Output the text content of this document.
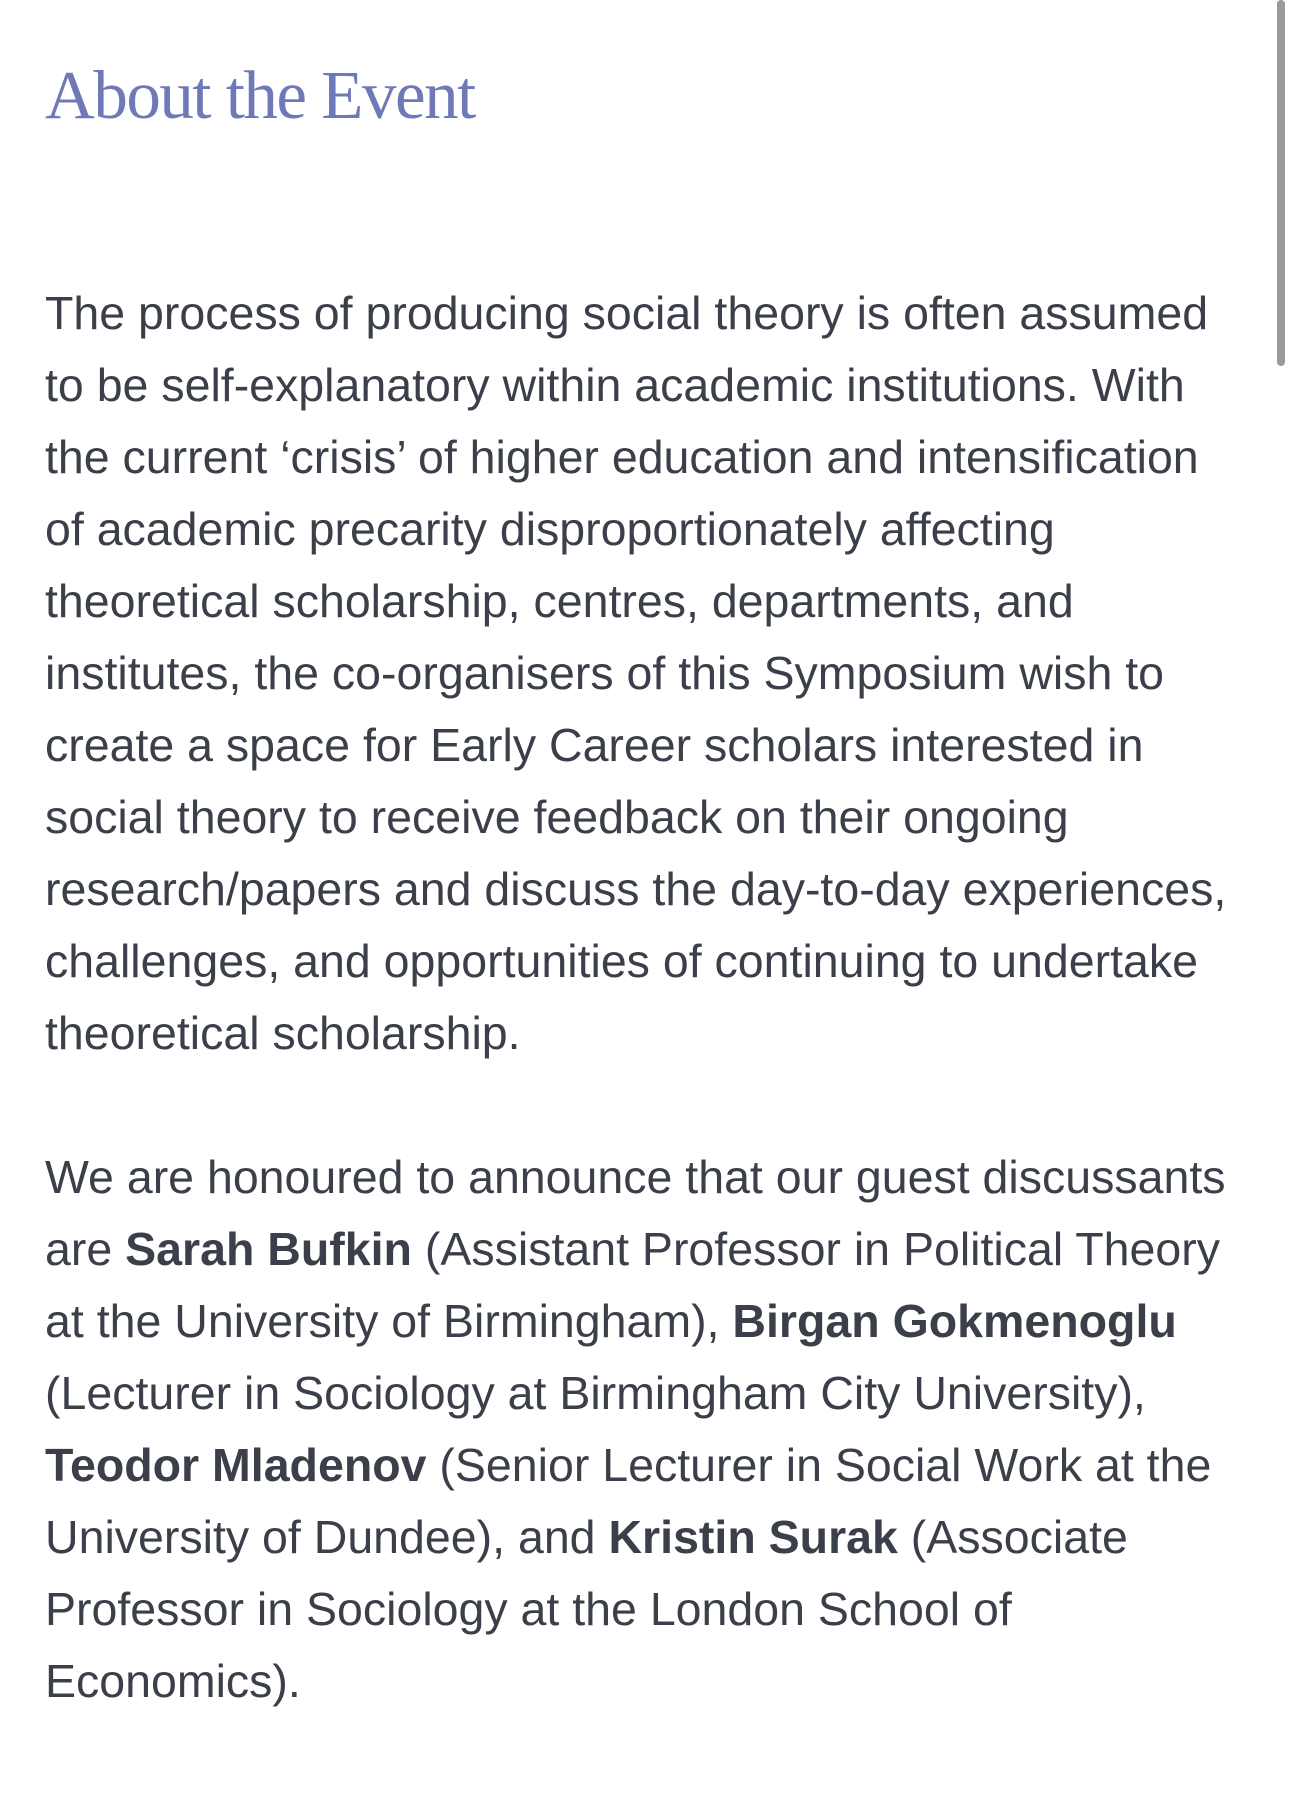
About the Event

The process of producing social theory is often assumed to be self-explanatory within academic institutions. With the current ‘crisis’ of higher education and intensification of academic precarity disproportionately affecting theoretical scholarship, centres, departments, and institutes, the co-organisers of this Symposium wish to create a space for Early Career scholars interested in social theory to receive feedback on their ongoing research/papers and discuss the day-to-day experiences, challenges, and opportunities of continuing to undertake theoretical scholarship.

We are honoured to announce that our guest discussants are Sarah Bufkin (Assistant Professor in Political Theory at the University of Birmingham), Birgan Gokmenoglu (Lecturer in Sociology at Birmingham City University), Teodor Mladenov (Senior Lecturer in Social Work at the University of Dundee), and Kristin Surak (Associate Professor in Sociology at the London School of Economics).
